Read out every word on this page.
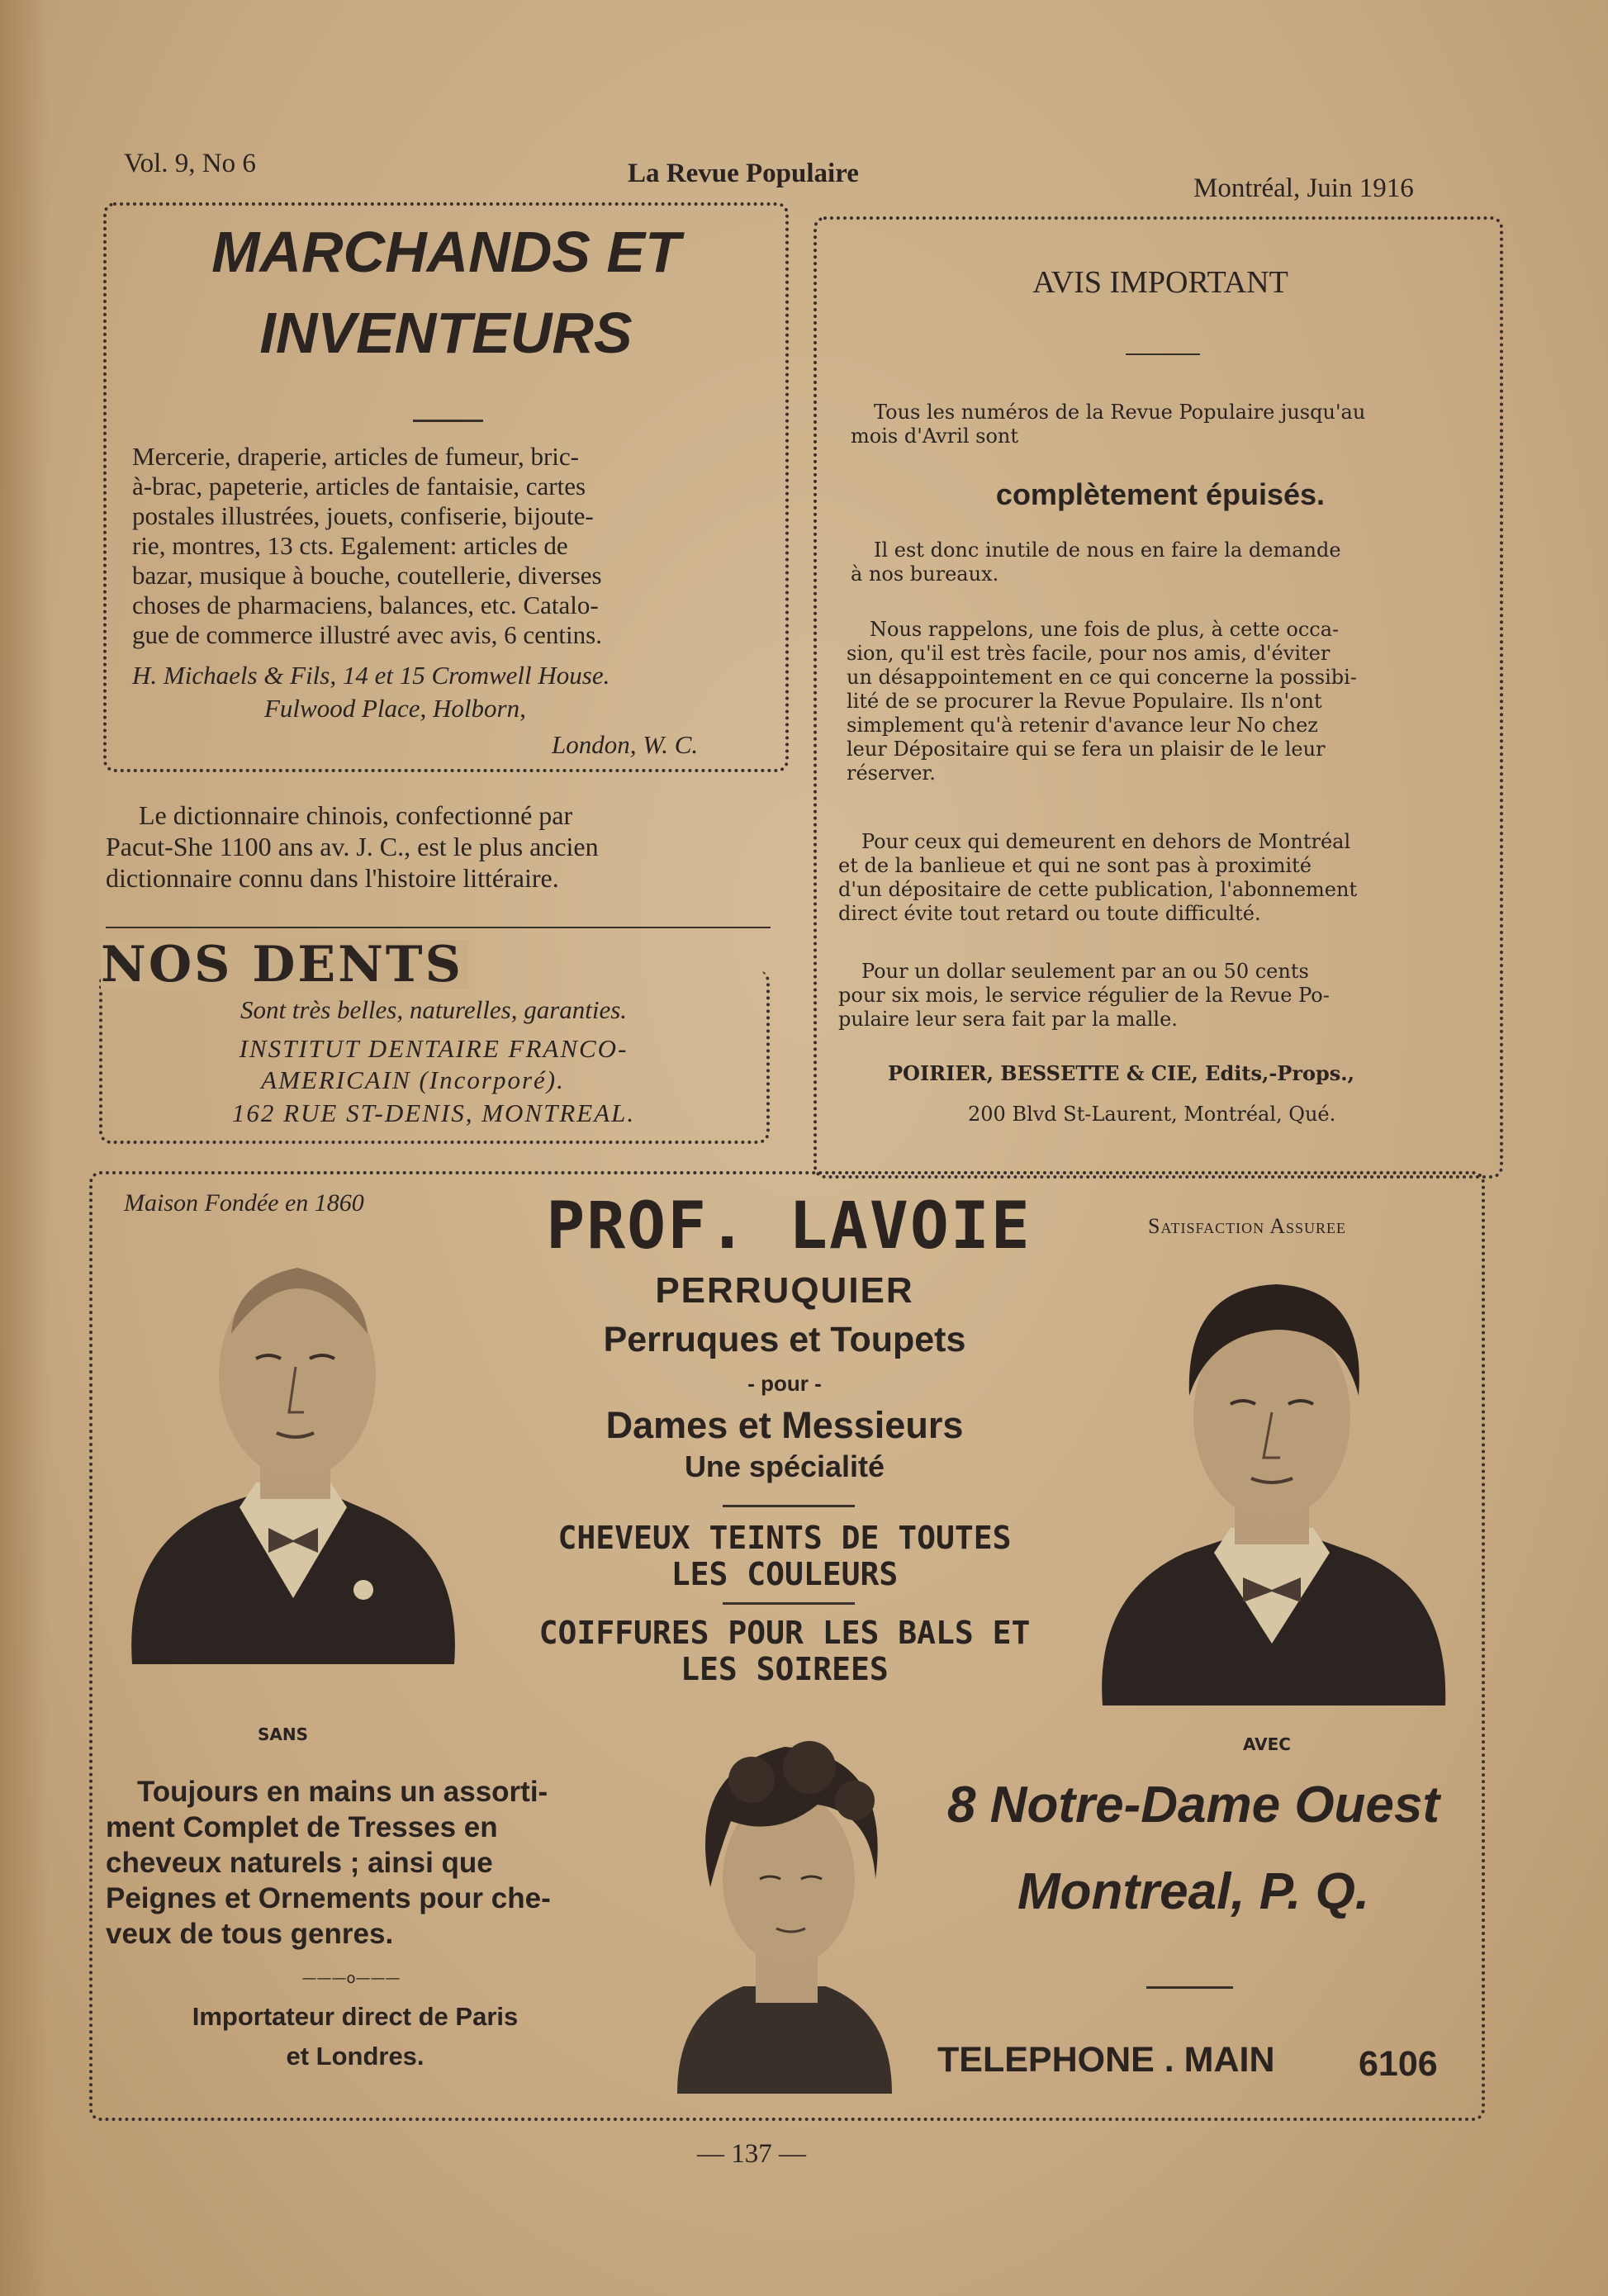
Vol. 9, No 6	La Revue Populaire	Montréal, Juin 1916
MARCHANDS ET
INVENTEURS
Mercerie, draperie, articles de fumeur, bric-
à-brac, papeterie, articles de fantaisie, cartes
postales illustrées, jouets, confiserie, bijoute-
rie, montres, 13 cts. Egalement: articles de
bazar, musique à bouche, coutellerie, diverses
choses de pharmaciens, balances, etc. Catalo-
gue de commerce illustré avec avis, 6 centins.
H. Michaels & Fils, 14 et 15 Cromwell House.
Fulwood Place, Holborn,
London, W. C.
Le dictionnaire chinois, confectionné par
Pacut-She 1100 ans av. J. C., est le plus ancien
dictionnaire connu dans l'histoire littéraire.
NOS DENTS
Sont très belles, naturelles, garanties.
INSTITUT DENTAIRE FRANCO-
AMERICAIN (Incorporé).
162 RUE ST-DENIS, MONTREAL.
AVIS IMPORTANT
Tous les numéros de la Revue Populaire jusqu'au
mois d'Avril sont
complètement épuisés.
Il est donc inutile de nous en faire la demande
à nos bureaux.
Nous rappelons, une fois de plus, à cette occa-
sion, qu'il est très facile, pour nos amis, d'éviter
un désappointement en ce qui concerne la possibi-
lité de se procurer la Revue Populaire. Ils n'ont
simplement qu'à retenir d'avance leur No chez
leur Dépositaire qui se fera un plaisir de le leur
réserver.
Pour ceux qui demeurent en dehors de Montréal
et de la banlieue et qui ne sont pas à proximité
d'un dépositaire de cette publication, l'abonnement
direct évite tout retard ou toute difficulté.
Pour un dollar seulement par an ou 50 cents
pour six mois, le service régulier de la Revue Po-
pulaire leur sera fait par la malle.
POIRIER, BESSETTE & CIE, Edits,-Props.,
200 Blvd St-Laurent, Montréal, Qué.
Maison Fondée en 1860
Satisfaction Assuree
PROF. LAVOIE
PERRUQUIER
Perruques et Toupets
- pour -
Dames et Messieurs
Une spécialité
CHEVEUX TEINTS DE TOUTES
LES COULEURS
COIFFURES POUR LES BALS ET
LES SOIREES
SANS	AVEC
Toujours en mains un assorti-
ment Complet de Tresses en
cheveux naturels ; ainsi que
Peignes et Ornements pour che-
veux de tous genres.
———o———
Importateur direct de Paris
et Londres.
8 Notre-Dame Ouest
Montreal, P. Q.
TELEPHONE . MAIN 6106
— 137 —
